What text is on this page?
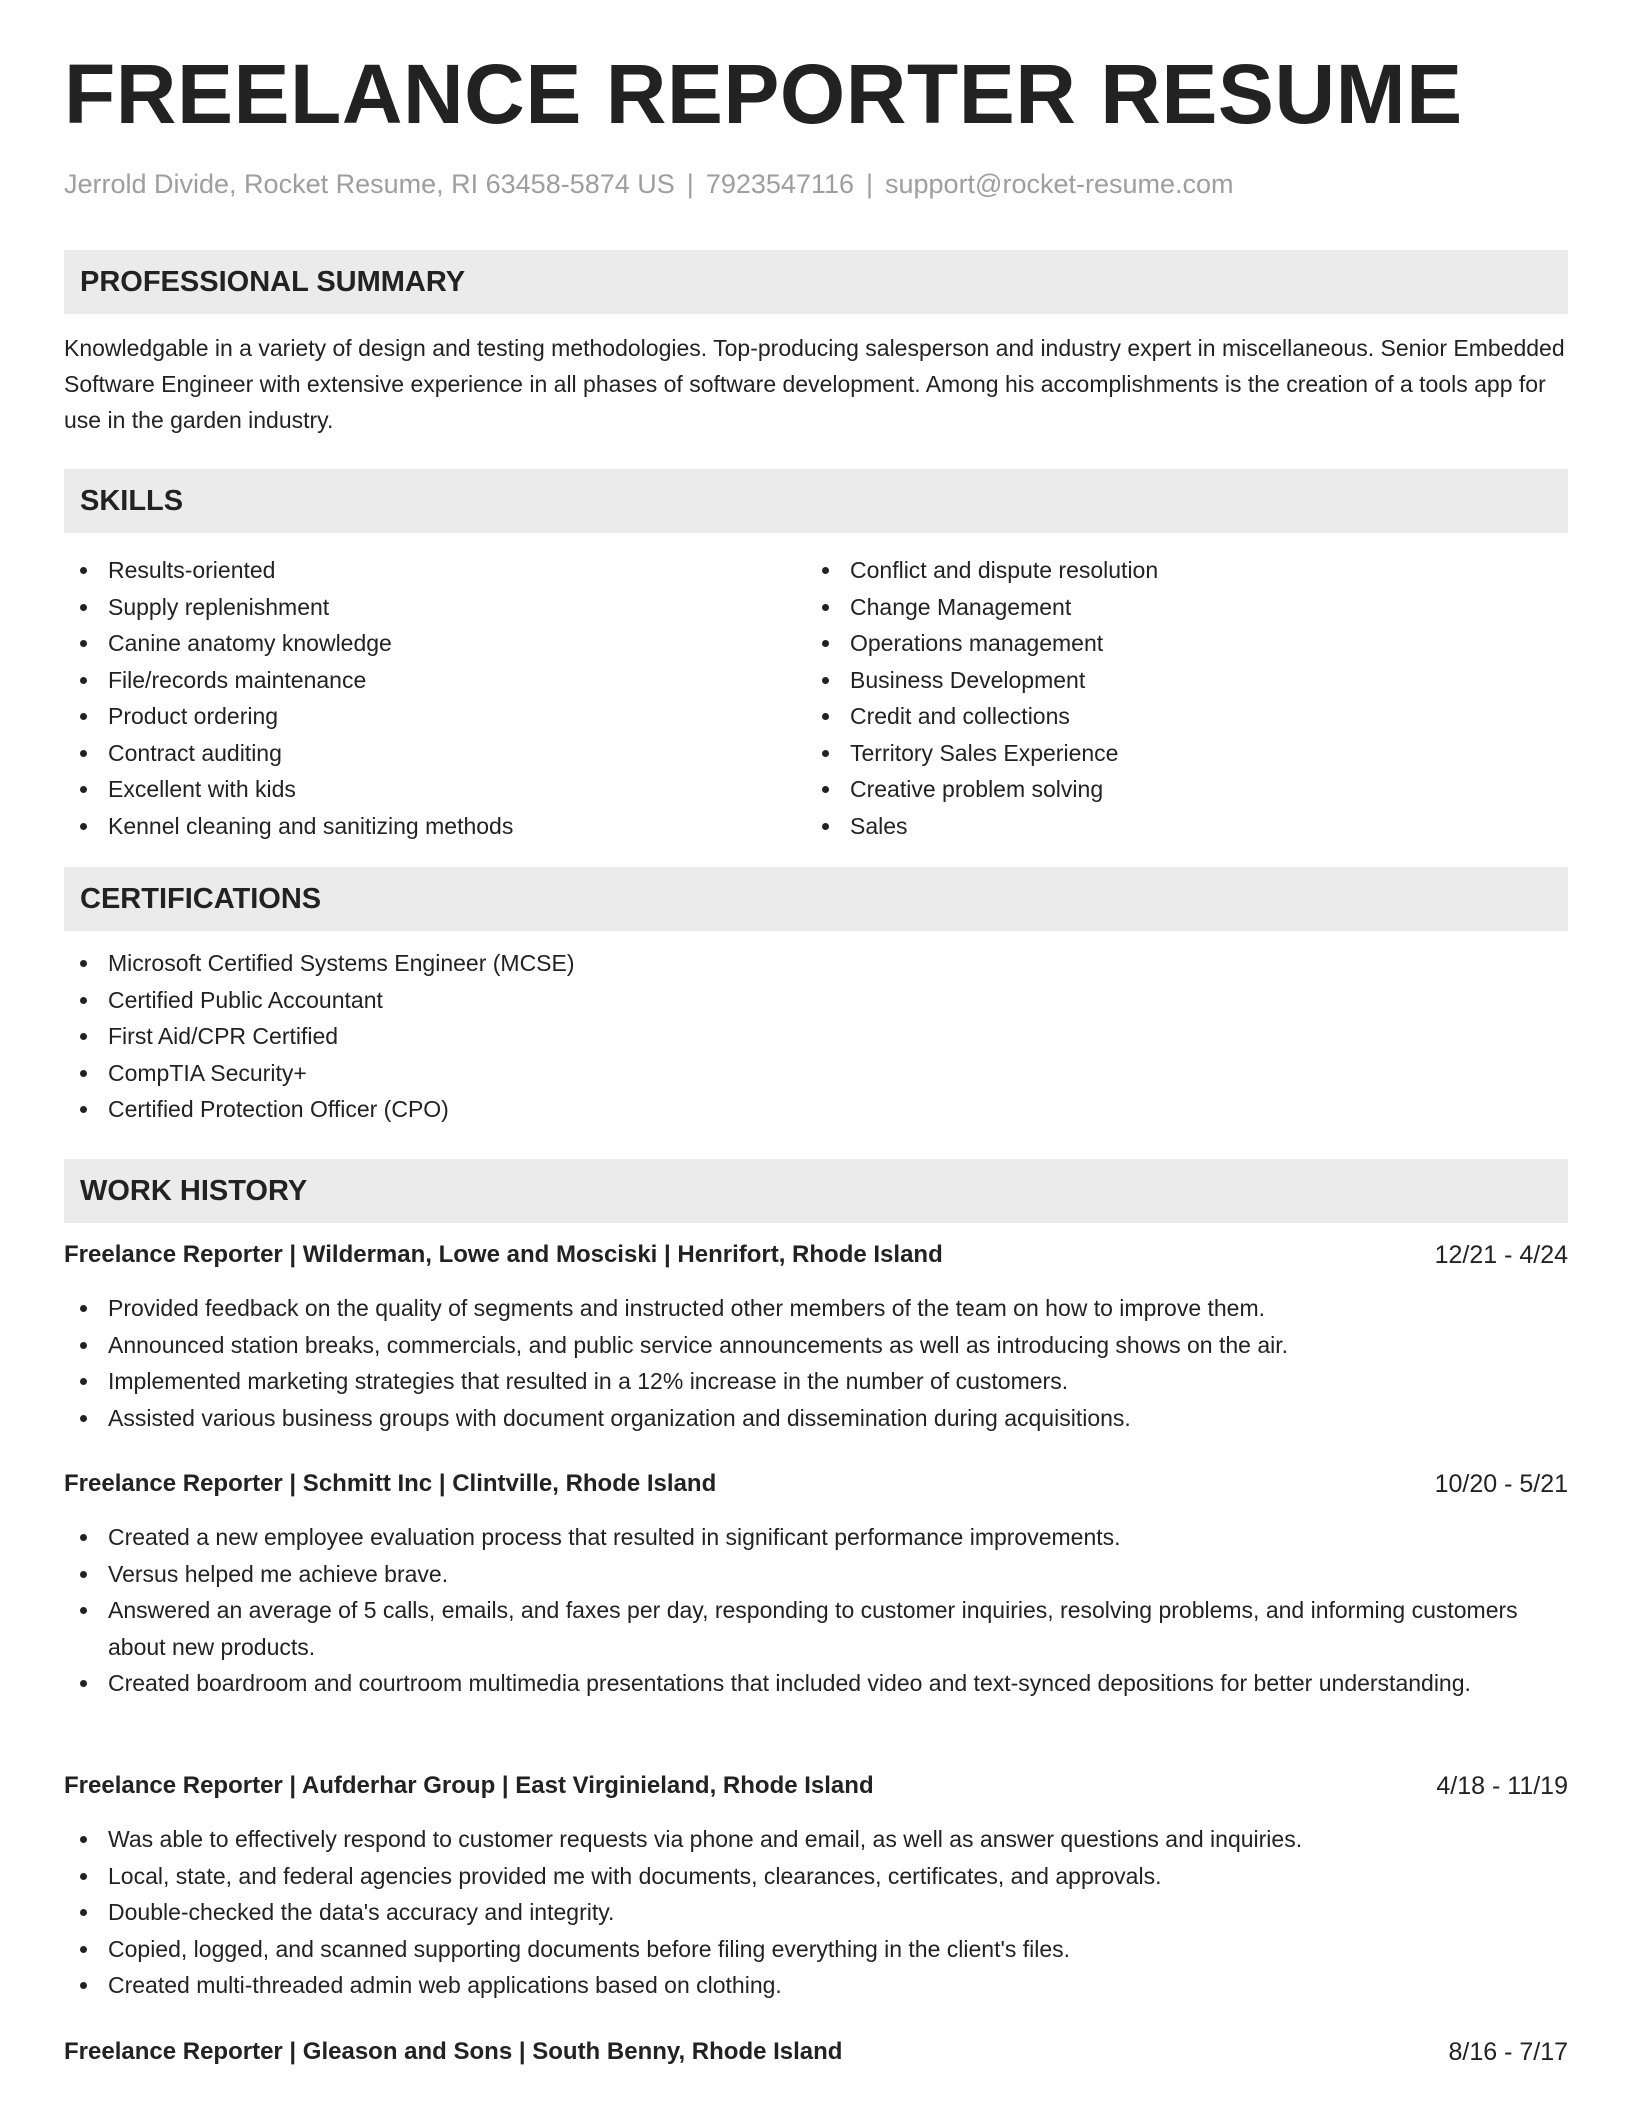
FREELANCE REPORTER RESUME
Jerrold Divide, Rocket Resume, RI 63458-5874 US | 7923547116 | support@rocket-resume.com
PROFESSIONAL SUMMARY
Knowledgable in a variety of design and testing methodologies. Top-producing salesperson and industry expert in miscellaneous. Senior Embedded Software Engineer with extensive experience in all phases of software development. Among his accomplishments is the creation of a tools app for use in the garden industry.
SKILLS
Results-oriented
Supply replenishment
Canine anatomy knowledge
File/records maintenance
Product ordering
Contract auditing
Excellent with kids
Kennel cleaning and sanitizing methods
Conflict and dispute resolution
Change Management
Operations management
Business Development
Credit and collections
Territory Sales Experience
Creative problem solving
Sales
CERTIFICATIONS
Microsoft Certified Systems Engineer (MCSE)
Certified Public Accountant
First Aid/CPR Certified
CompTIA Security+
Certified Protection Officer (CPO)
WORK HISTORY
Freelance Reporter | Wilderman, Lowe and Mosciski | Henrifort, Rhode Island	12/21 - 4/24
Provided feedback on the quality of segments and instructed other members of the team on how to improve them.
Announced station breaks, commercials, and public service announcements as well as introducing shows on the air.
Implemented marketing strategies that resulted in a 12% increase in the number of customers.
Assisted various business groups with document organization and dissemination during acquisitions.
Freelance Reporter | Schmitt Inc | Clintville, Rhode Island	10/20 - 5/21
Created a new employee evaluation process that resulted in significant performance improvements.
Versus helped me achieve brave.
Answered an average of 5 calls, emails, and faxes per day, responding to customer inquiries, resolving problems, and informing customers about new products.
Created boardroom and courtroom multimedia presentations that included video and text-synced depositions for better understanding.
Freelance Reporter | Aufderhar Group | East Virginieland, Rhode Island	4/18 - 11/19
Was able to effectively respond to customer requests via phone and email, as well as answer questions and inquiries.
Local, state, and federal agencies provided me with documents, clearances, certificates, and approvals.
Double-checked the data's accuracy and integrity.
Copied, logged, and scanned supporting documents before filing everything in the client's files.
Created multi-threaded admin web applications based on clothing.
Freelance Reporter | Gleason and Sons | South Benny, Rhode Island	8/16 - 7/17
